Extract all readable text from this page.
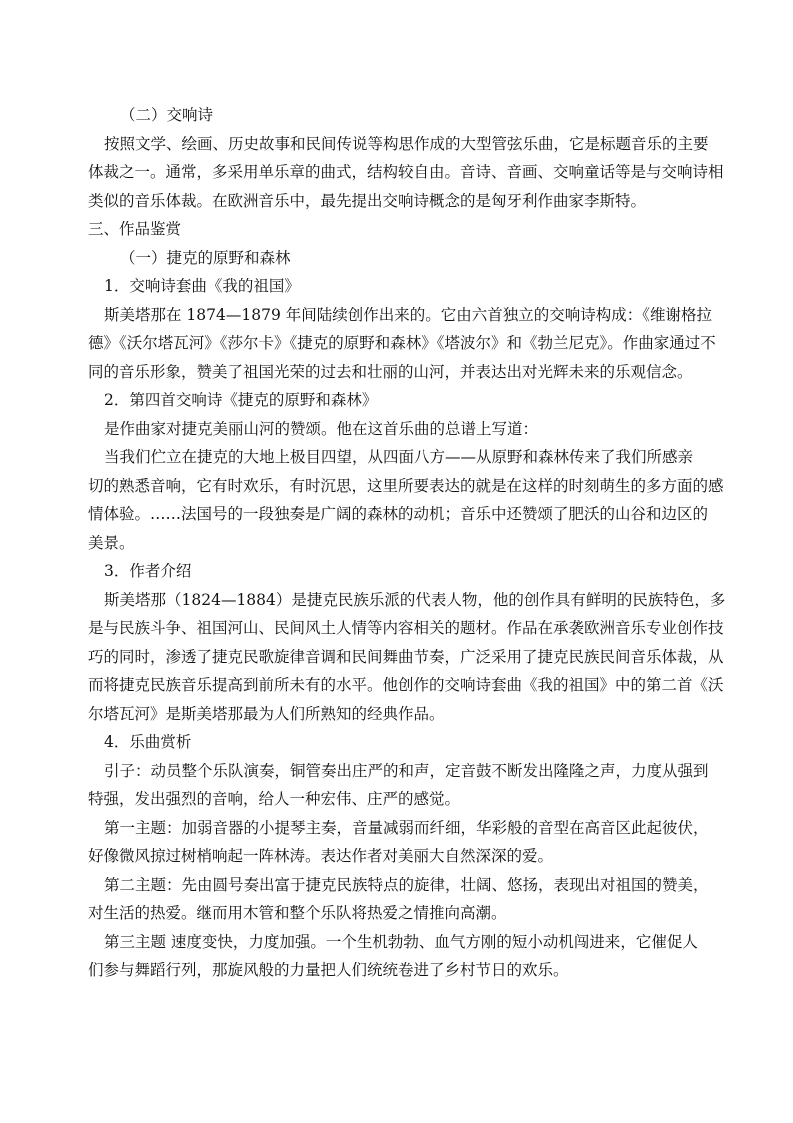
（二）交响诗
按照文学、绘画、历史故事和民间传说等构思作成的大型管弦乐曲，它是标题音乐的主要
体裁之一。通常，多采用单乐章的曲式，结构较自由。音诗、音画、交响童话等是与交响诗相
类似的音乐体裁。在欧洲音乐中，最先提出交响诗概念的是匈牙利作曲家李斯特。
三、作品鉴赏
（一）捷克的原野和森林
1．交响诗套曲《我的祖国》
斯美塔那在 1874—1879 年间陆续创作出来的。它由六首独立的交响诗构成：《维谢格拉
德》《沃尔塔瓦河》《莎尔卡》《捷克的原野和森林》《塔波尔》和《勃兰尼克》。作曲家通过不
同的音乐形象，赞美了祖国光荣的过去和壮丽的山河，并表达出对光辉未来的乐观信念。
2．第四首交响诗《捷克的原野和森林》
是作曲家对捷克美丽山河的赞颂。他在这首乐曲的总谱上写道：
当我们伫立在捷克的大地上极目四望，从四面八方——从原野和森林传来了我们所感亲
切的熟悉音响，它有时欢乐，有时沉思，这里所要表达的就是在这样的时刻萌生的多方面的感
情体验。……法国号的一段独奏是广阔的森林的动机；音乐中还赞颂了肥沃的山谷和边区的
美景。
3．作者介绍
斯美塔那（1824—1884）是捷克民族乐派的代表人物，他的创作具有鲜明的民族特色，多
是与民族斗争、祖国河山、民间风土人情等内容相关的题材。作品在承袭欧洲音乐专业创作技
巧的同时，渗透了捷克民歌旋律音调和民间舞曲节奏，广泛采用了捷克民族民间音乐体裁，从
而将捷克民族音乐提高到前所未有的水平。他创作的交响诗套曲《我的祖国》中的第二首《沃
尔塔瓦河》是斯美塔那最为人们所熟知的经典作品。
4．乐曲赏析
引子：动员整个乐队演奏，铜管奏出庄严的和声，定音鼓不断发出隆隆之声，力度从强到
特强，发出强烈的音响，给人一种宏伟、庄严的感觉。
第一主题：加弱音器的小提琴主奏，音量减弱而纤细，华彩般的音型在高音区此起彼伏，
好像微风掠过树梢响起一阵林涛。表达作者对美丽大自然深深的爱。
第二主题：先由圆号奏出富于捷克民族特点的旋律，壮阔、悠扬，表现出对祖国的赞美，
对生活的热爱。继而用木管和整个乐队将热爱之情推向高潮。
第三主题 速度变快，力度加强。一个生机勃勃、血气方刚的短小动机闯进来，它催促人
们参与舞蹈行列，那旋风般的力量把人们统统卷进了乡村节日的欢乐。
